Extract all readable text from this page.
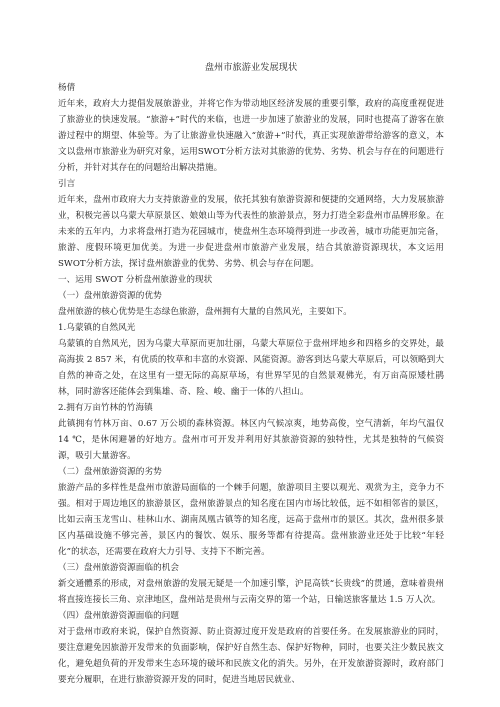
盘州市旅游业发展现状

杨倩

近年来，政府大力提倡发展旅游业，并将它作为带动地区经济发展的重要引擎，政府的高度重视促进了旅游业的快速发展。“旅游+”时代的来临，也进一步加速了旅游业的发展，同时也提高了游客在旅游过程中的期望、体验等。为了让旅游业快速融入“旅游+”时代，真正实现旅游带给游客的意义，本文以盘州市旅游业为研究对象，运用SWOT分析方法对其旅游的优势、劣势、机会与存在的问题进行分析，并针对其存在的问题给出解决措施。

引言

近年来，盘州市政府大力支持旅游业的发展，依托其独有旅游资源和便捷的交通网络，大力发展旅游业，积极完善以乌蒙大草原景区、娘娘山等为代表性的旅游景点，努力打造全彩盘州市品牌形象。在未来的五年内，力求将盘州打造为花园城市，使盘州生态环境得到进一步改善，城市功能更加完备，旅游、度假环境更加优美。为进一步促进盘州市旅游产业发展，结合其旅游资源现状，本文运用SWOT分析方法，探讨盘州旅游业的优势、劣势、机会与存在问题。

一、运用 SWOT 分析盘州旅游业的现状

（一）盘州旅游资源的优势

盘州旅游的核心优势是生态绿色旅游，盘州拥有大量的自然风光，主要如下。

1.乌蒙镇的自然风光

乌蒙镇的自然风光，因为乌蒙大草原而更加壮丽，乌蒙大草原位于盘州坪地乡和四格乡的交界处，最高海拔 2 857 米，有优质的牧草和丰富的水资源、风能资源。游客到达乌蒙大草原后，可以领略到大自然的神奇之处，在这里有一望无际的高原草场，有世界罕见的自然景观佛光，有万亩高原矮杜鹃林，同时游客还能体会到集雄、奇、险、峻、幽于一体的八担山。

2.拥有万亩竹林的竹海镇

此镇拥有竹林万亩、0.67 万公顷的森林资源。林区内气候凉爽，地势高俊，空气清新，年均气温仅 14 ℃，是休闲避暑的好地方。盘州市可开发并利用好其旅游资源的独特性，尤其是独特的气候资源，吸引大量游客。

（二）盘州旅游资源的劣势

旅游产品的多样性是盘州市旅游局面临的一个棘手问题，旅游项目主要以观光、观赏为主，竞争力不强。相对于周边地区的旅游景区，盘州旅游景点的知名度在国内市场比较低，远不如相邻省的景区，比如云南玉龙雪山、桂林山水、湖南凤凰古镇等的知名度，远高于盘州市的景区。其次，盘州很多景区内基础设施不够完善，景区内的餐饮、娱乐、服务等都有待提高。盘州旅游业还处于比较“年轻化”的状态，还需要在政府大力引导、支持下不断完善。

（三）盘州旅游资源面临的机会

新交通體系的形成，对盘州旅游的发展无疑是一个加速引擎，沪昆高铁“长贵线”的贯通，意味着贵州将直接连接长三角、京津地区，盘州站是贵州与云南交界的第一个站，日输送旅客量达 1.5 万人次。

（四）盘州旅游资源面临的问题

对于盘州市政府来说，保护自然资源、防止资源过度开发是政府的首要任务。在发展旅游业的同时，要注意避免因旅游开发带来的负面影响，保护好自然生态、保护好物种，同时，也要关注少数民族文化，避免超负荷的开发带来生态环境的破坏和民族文化的消失。另外，在开发旅游资源时，政府部门要充分履职，在进行旅游资源开发的同时，促进当地居民就业、
